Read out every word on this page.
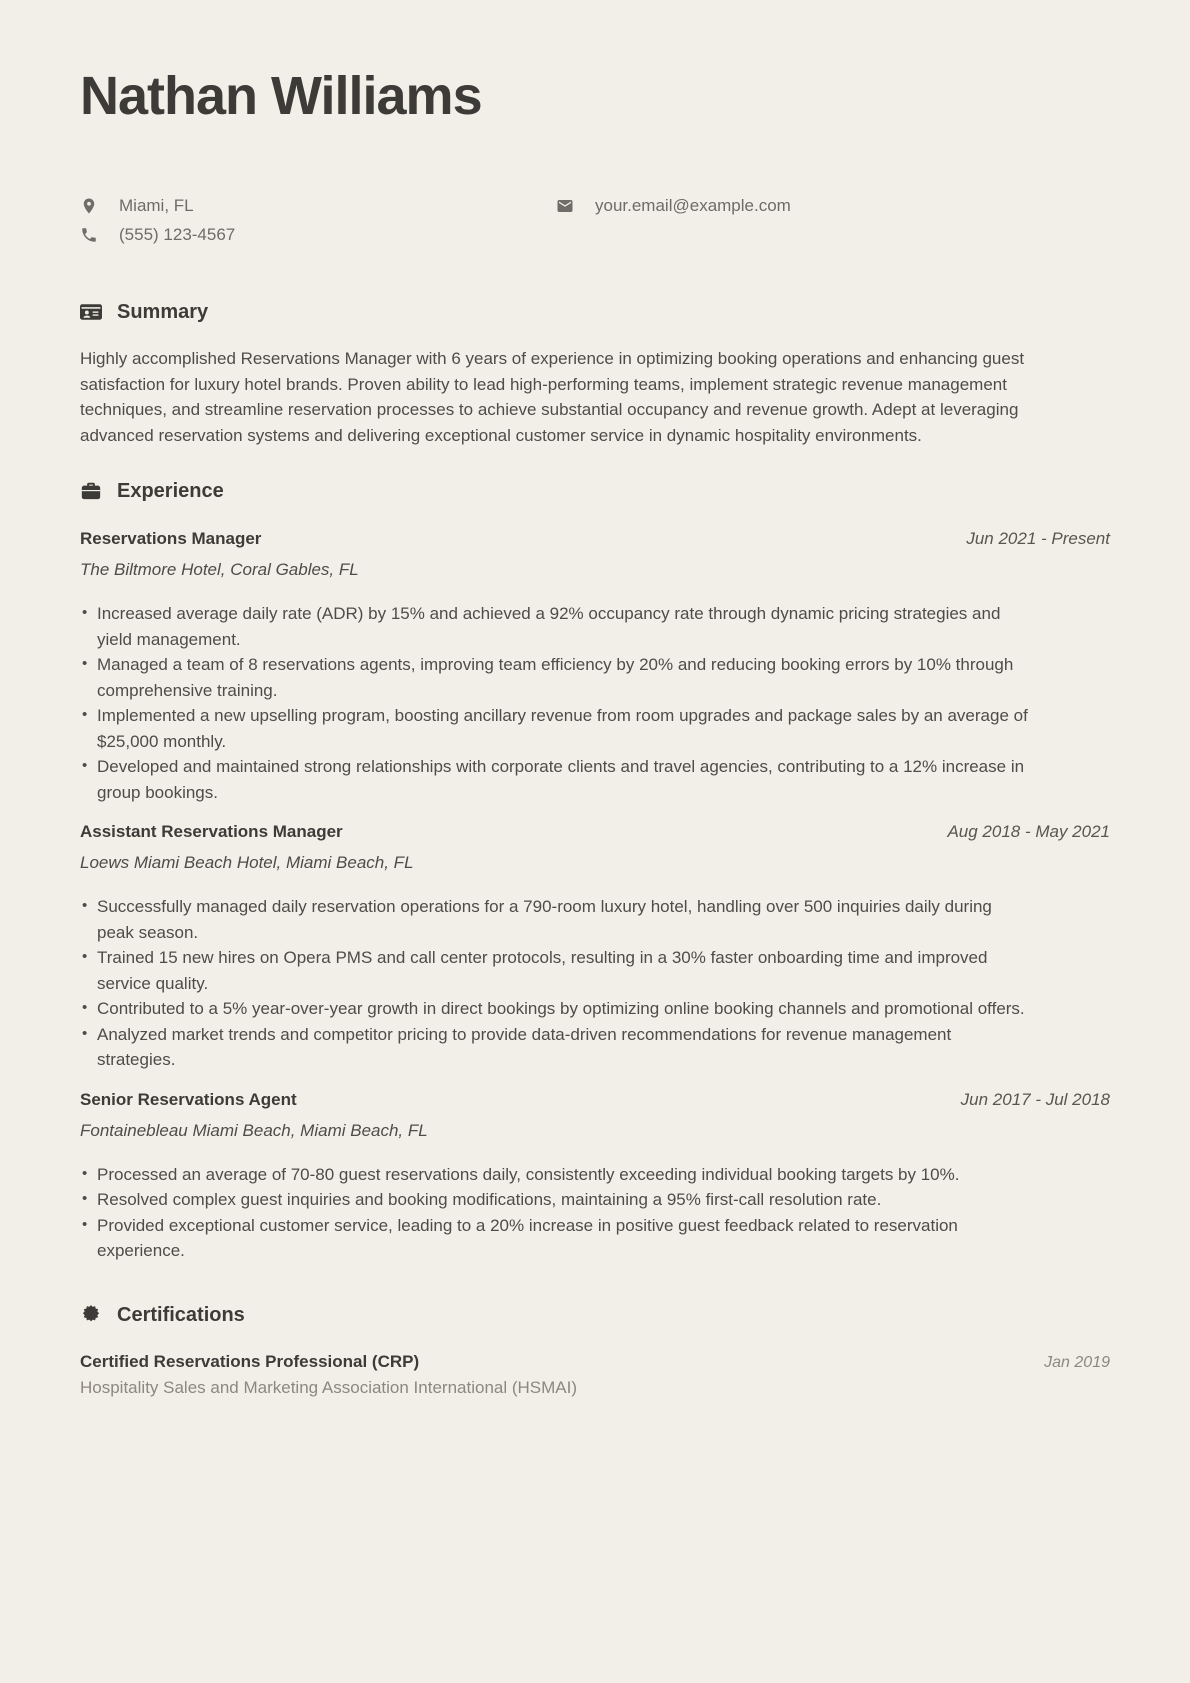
Nathan Williams
Miami, FL	your.email@example.com
(555) 123-4567
Summary

Highly accomplished Reservations Manager with 6 years of experience in optimizing booking operations and enhancing guest satisfaction for luxury hotel brands. Proven ability to lead high-performing teams, implement strategic revenue management techniques, and streamline reservation processes to achieve substantial occupancy and revenue growth. Adept at leveraging advanced reservation systems and delivering exceptional customer service in dynamic hospitality environments.

Experience
Reservations Manager	Jun 2021 - Present
The Biltmore Hotel, Coral Gables, FL
• Increased average daily rate (ADR) by 15% and achieved a 92% occupancy rate through dynamic pricing strategies and yield management.
• Managed a team of 8 reservations agents, improving team efficiency by 20% and reducing booking errors by 10% through comprehensive training.
• Implemented a new upselling program, boosting ancillary revenue from room upgrades and package sales by an average of $25,000 monthly.
• Developed and maintained strong relationships with corporate clients and travel agencies, contributing to a 12% increase in group bookings.
Assistant Reservations Manager	Aug 2018 - May 2021
Loews Miami Beach Hotel, Miami Beach, FL
• Successfully managed daily reservation operations for a 790-room luxury hotel, handling over 500 inquiries daily during peak season.
• Trained 15 new hires on Opera PMS and call center protocols, resulting in a 30% faster onboarding time and improved service quality.
• Contributed to a 5% year-over-year growth in direct bookings by optimizing online booking channels and promotional offers.
• Analyzed market trends and competitor pricing to provide data-driven recommendations for revenue management strategies.
Senior Reservations Agent	Jun 2017 - Jul 2018
Fontainebleau Miami Beach, Miami Beach, FL
• Processed an average of 70-80 guest reservations daily, consistently exceeding individual booking targets by 10%.
• Resolved complex guest inquiries and booking modifications, maintaining a 95% first-call resolution rate.
• Provided exceptional customer service, leading to a 20% increase in positive guest feedback related to reservation experience.
Certifications
Certified Reservations Professional (CRP)	Jan 2019
Hospitality Sales and Marketing Association International (HSMAI)
